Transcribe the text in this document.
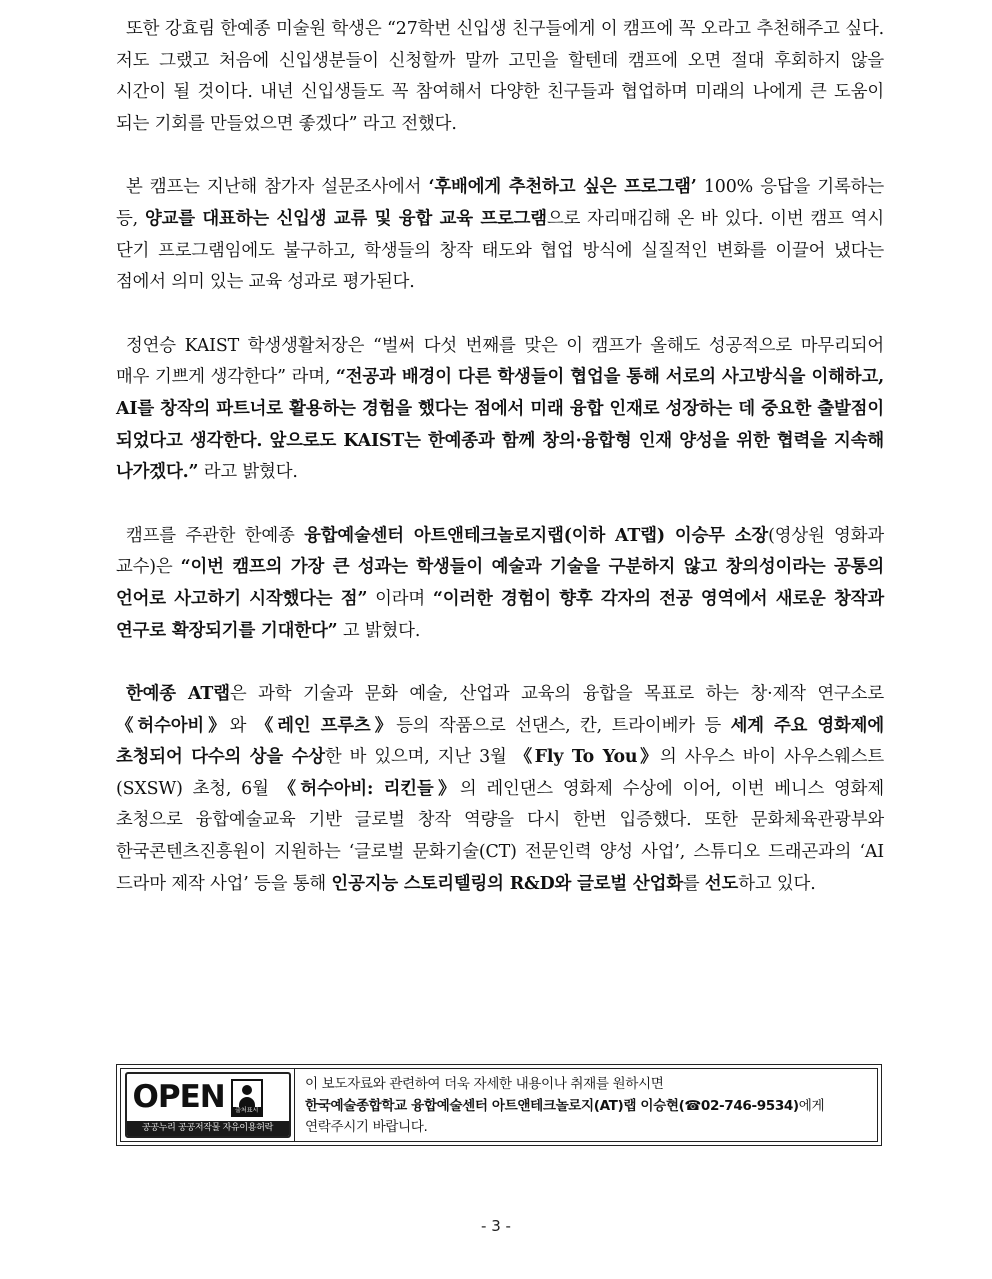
또한 강효림 한예종 미술원 학생은 “27학번 신입생 친구들에게 이 캠프에 꼭 오라고 추천해주고 싶다. 저도 그랬고 처음에 신입생분들이 신청할까 말까 고민을 할텐데 캠프에 오면 절대 후회하지 않을 시간이 될 것이다. 내년 신입생들도 꼭 참여해서 다양한 친구들과 협업하며 미래의 나에게 큰 도움이 되는 기회를 만들었으면 좋겠다” 라고 전했다.

본 캠프는 지난해 참가자 설문조사에서 ‘후배에게 추천하고 싶은 프로그램’ 100% 응답을 기록하는 등, 양교를 대표하는 신입생 교류 및 융합 교육 프로그램으로 자리매김해 온 바 있다. 이번 캠프 역시 단기 프로그램임에도 불구하고, 학생들의 창작 태도와 협업 방식에 실질적인 변화를 이끌어 냈다는 점에서 의미 있는 교육 성과로 평가된다.

정연승 KAIST 학생생활처장은 “벌써 다섯 번째를 맞은 이 캠프가 올해도 성공적으로 마무리되어 매우 기쁘게 생각한다” 라며, “전공과 배경이 다른 학생들이 협업을 통해 서로의 사고방식을 이해하고, AI를 창작의 파트너로 활용하는 경험을 했다는 점에서 미래 융합 인재로 성장하는 데 중요한 출발점이 되었다고 생각한다. 앞으로도 KAIST는 한예종과 함께 창의·융합형 인재 양성을 위한 협력을 지속해 나가겠다.” 라고 밝혔다.

캠프를 주관한 한예종 융합예술센터 아트앤테크놀로지랩(이하 AT랩) 이승무 소장(영상원 영화과 교수)은 “이번 캠프의 가장 큰 성과는 학생들이 예술과 기술을 구분하지 않고 창의성이라는 공통의 언어로 사고하기 시작했다는 점” 이라며 “이러한 경험이 향후 각자의 전공 영역에서 새로운 창작과 연구로 확장되기를 기대한다” 고 밝혔다.

한예종 AT랩은 과학 기술과 문화 예술, 산업과 교육의 융합을 목표로 하는 창·제작 연구소로 《허수아비》와 《레인 프루츠》등의 작품으로 선댄스, 칸, 트라이베카 등 세계 주요 영화제에 초청되어 다수의 상을 수상한 바 있으며, 지난 3월 《Fly To You》의 사우스 바이 사우스웨스트(SXSW) 초청, 6월 《허수아비: 리킨들》의 레인댄스 영화제 수상에 이어, 이번 베니스 영화제 초청으로 융합예술교육 기반 글로벌 창작 역량을 다시 한번 입증했다. 또한 문화체육관광부와 한국콘텐츠진흥원이 지원하는 ‘글로벌 문화기술(CT) 전문인력 양성 사업’, 스튜디오 드래곤과의 ‘AI 드라마 제작 사업’ 등을 통해 인공지능 스토리텔링의 R&D와 글로벌 산업화를 선도하고 있다.

OPEN	출처표시
공공누리 공공저작물 자유이용허락
이 보도자료와 관련하여 더욱 자세한 내용이나 취재를 원하시면
한국예술종합학교 융합예술센터 아트앤테크놀로지(AT)랩 이승현(☎02-746-9534)에게
연락주시기 바랍니다.
- 3 -
